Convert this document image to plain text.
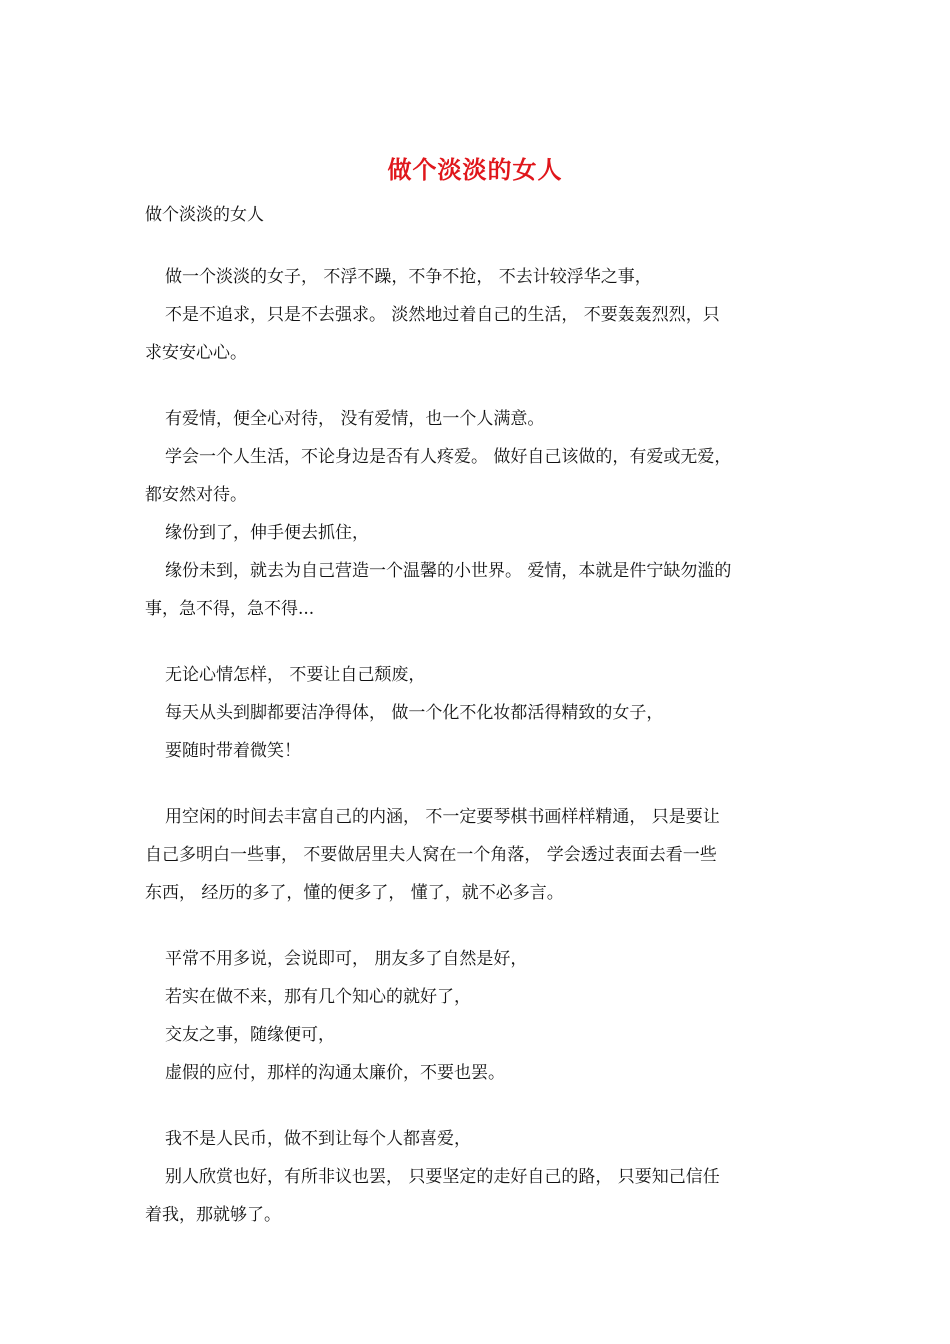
做个淡淡的女人
做个淡淡的女人
做一个淡淡的女子， 不浮不躁，不争不抢， 不去计较浮华之事，
不是不追求，只是不去强求。 淡然地过着自己的生活， 不要轰轰烈烈，只
求安安心心。
有爱情，便全心对待， 没有爱情，也一个人满意。
学会一个人生活，不论身边是否有人疼爱。 做好自己该做的，有爱或无爱，
都安然对待。
缘份到了，伸手便去抓住，
缘份未到，就去为自己营造一个温馨的小世界。 爱情，本就是件宁缺勿滥的
事，急不得，急不得...
无论心情怎样， 不要让自己颓废，
每天从头到脚都要洁净得体， 做一个化不化妆都活得精致的女子，
要随时带着微笑！
用空闲的时间去丰富自己的内涵， 不一定要琴棋书画样样精通， 只是要让
自己多明白一些事， 不要做居里夫人窝在一个角落， 学会透过表面去看一些
东西， 经历的多了，懂的便多了， 懂了，就不必多言。
平常不用多说，会说即可， 朋友多了自然是好，
若实在做不来，那有几个知心的就好了，
交友之事，随缘便可，
虚假的应付，那样的沟通太廉价，不要也罢。
我不是人民币，做不到让每个人都喜爱，
别人欣赏也好，有所非议也罢， 只要坚定的走好自己的路， 只要知己信任
着我，那就够了。
